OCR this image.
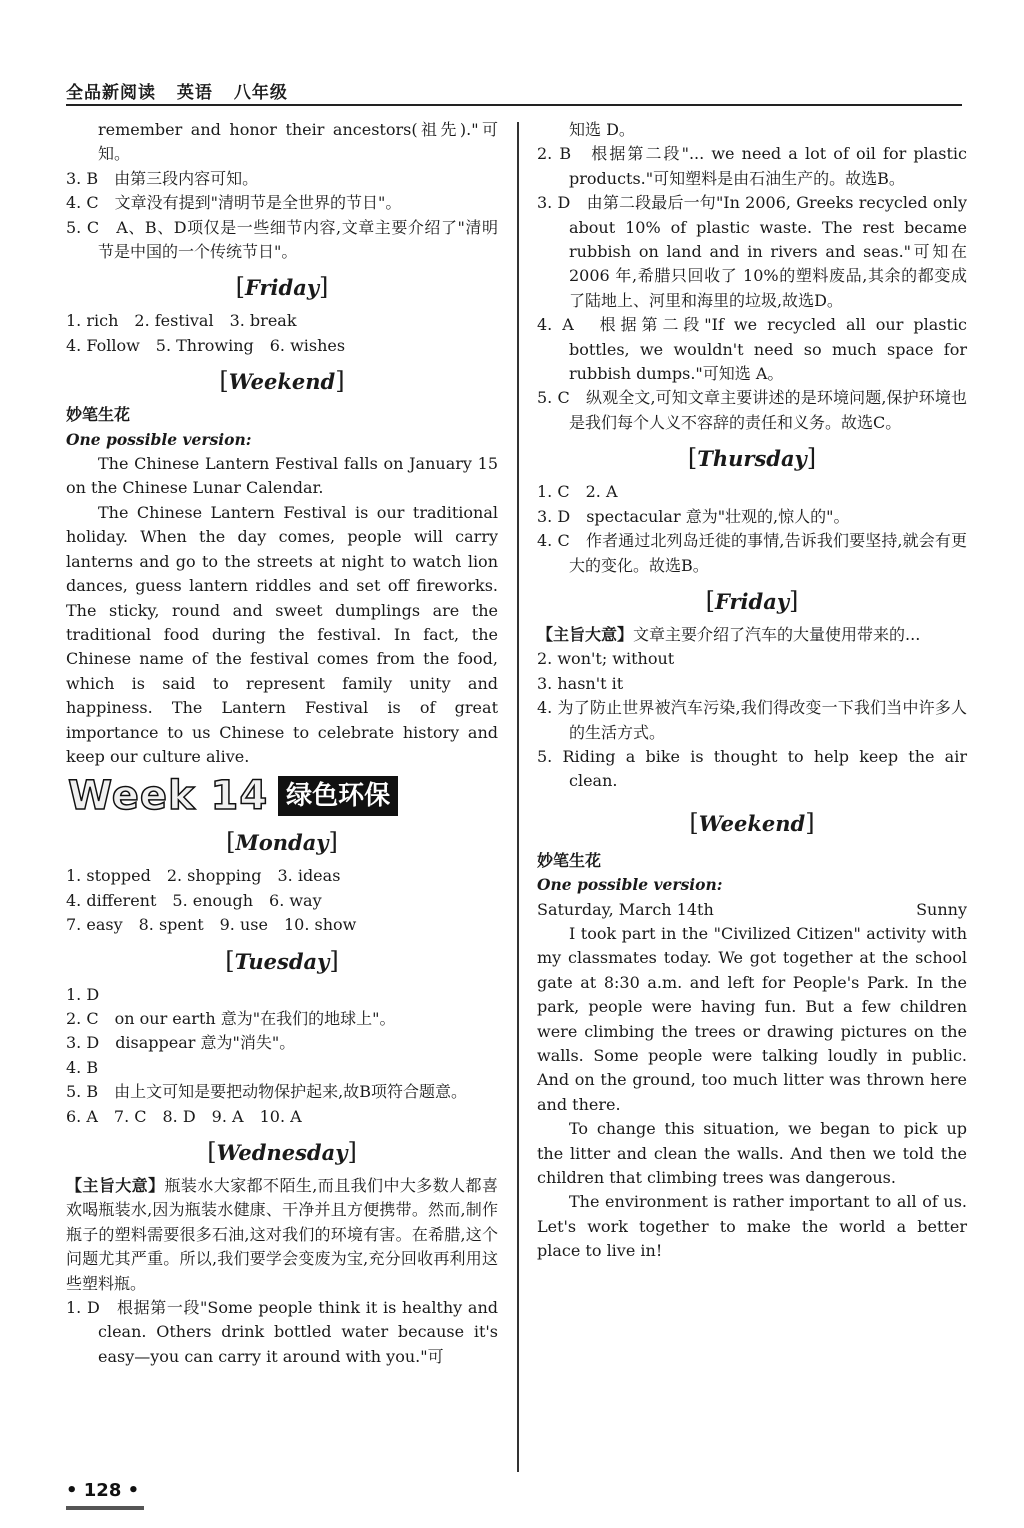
全品新阅读 英语 八年级

remember and honor their ancestors(祖先)."可知。

3. B　由第三段内容可知。

4. C　文章没有提到"清明节是全世界的节日"。

5. C　A、B、D项仅是一些细节内容,文章主要介绍了"清明节是中国的一个传统节日"。

[Friday]

1. rich　2. festival　3. break

4. Follow　5. Throwing　6. wishes

[Weekend]

妙笔生花

One possible version:

The Chinese Lantern Festival falls on January 15 on the Chinese Lunar Calendar.

The Chinese Lantern Festival is our traditional holiday. When the day comes, people will carry lanterns and go to the streets at night to watch lion dances, guess lantern riddles and set off fireworks. The sticky, round and sweet dumplings are the traditional food during the festival. In fact, the Chinese name of the festival comes from the food, which is said to represent family unity and happiness. The Lantern Festival is of great importance to us Chinese to celebrate history and keep our culture alive.

Week 14 绿色环保
[Monday]

1. stopped　2. shopping　3. ideas

4. different　5. enough　6. way

7. easy　8. spent　9. use　10. show

[Tuesday]

1. D

2. C　on our earth 意为"在我们的地球上"。

3. D　disappear 意为"消失"。

4. B

5. B　由上文可知是要把动物保护起来,故B项符合题意。

6. A　7. C　8. D　9. A　10. A

[Wednesday]

【主旨大意】瓶装水大家都不陌生,而且我们中大多数人都喜欢喝瓶装水,因为瓶装水健康、干净并且方便携带。然而,制作瓶子的塑料需要很多石油,这对我们的环境有害。在希腊,这个问题尤其严重。所以,我们要学会变废为宝,充分回收再利用这些塑料瓶。

1. D　根据第一段"Some people think it is healthy and clean. Others drink bottled water because it's easy—you can carry it around with you."可

知选 D。

2. B　根据第二段"... we need a lot of oil for plastic products."可知塑料是由石油生产的。故选B。

3. D　由第二段最后一句"In 2006, Greeks recycled only about 10% of plastic waste. The rest became rubbish on land and in rivers and seas."可知在 2006 年,希腊只回收了 10%的塑料废品,其余的都变成了陆地上、河里和海里的垃圾,故选D。

4. A　根据第二段"If we recycled all our plastic bottles, we wouldn't need so much space for rubbish dumps."可知选 A。

5. C　纵观全文,可知文章主要讲述的是环境问题,保护环境也是我们每个人义不容辞的责任和义务。故选C。

[Thursday]

1. C　2. A

3. D　spectacular 意为"壮观的,惊人的"。

4. C　作者通过北列岛迁徙的事情,告诉我们要坚持,就会有更大的变化。故选B。

[Friday]

【主旨大意】文章主要介绍了汽车的大量使用带来的...

2. won't; without

3. hasn't it

4. 为了防止世界被汽车污染,我们得改变一下我们当中许多人的生活方式。

5. Riding a bike is thought to help keep the air clean.

[Weekend]

妙笔生花

One possible version:

Saturday, March 14th	Sunny

I took part in the "Civilized Citizen" activity with my classmates today. We got together at the school gate at 8:30 a.m. and left for People's Park. In the park, people were having fun. But a few children were climbing the trees or drawing pictures on the walls. Some people were talking loudly in public. And on the ground, too much litter was thrown here and there.

To change this situation, we began to pick up the litter and clean the walls. And then we told the children that climbing trees was dangerous.

The environment is rather important to all of us. Let's work together to make the world a better place to live in!

• 128 •
